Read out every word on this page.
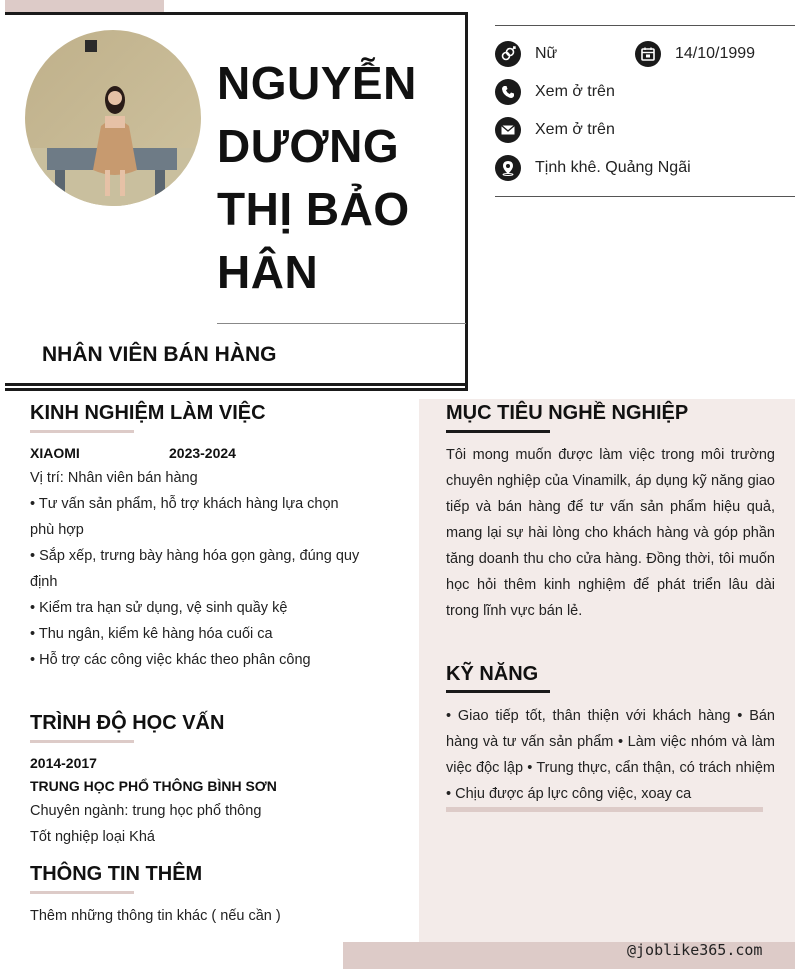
NGUYỄN
DƯƠNG
THỊ BẢO
HÂN
NHÂN VIÊN BÁN HÀNG
Nữ	14/10/1999
Xem ở trên
Xem ở trên
Tịnh khê. Quảng Ngãi
KINH NGHIỆM LÀM VIỆC
XIAOMI	2023-2024
Vị trí: Nhân viên bán hàng
• Tư vấn sản phẩm, hỗ trợ khách hàng lựa chọn phù hợp
• Sắp xếp, trưng bày hàng hóa gọn gàng, đúng quy định
• Kiểm tra hạn sử dụng, vệ sinh quầy kệ
• Thu ngân, kiểm kê hàng hóa cuối ca
• Hỗ trợ các công việc khác theo phân công
TRÌNH ĐỘ HỌC VẤN
2014-2017
TRUNG HỌC PHỔ THÔNG BÌNH SƠN
Chuyên ngành: trung học phổ thông
Tốt nghiệp loại Khá
THÔNG TIN THÊM
Thêm những thông tin khác ( nếu cần )
MỤC TIÊU NGHỀ NGHIỆP
Tôi mong muốn được làm việc trong môi trường chuyên nghiệp của Vinamilk, áp dụng kỹ năng giao tiếp và bán hàng để tư vấn sản phẩm hiệu quả, mang lại sự hài lòng cho khách hàng và góp phần tăng doanh thu cho cửa hàng. Đồng thời, tôi muốn học hỏi thêm kinh nghiệm để phát triển lâu dài trong lĩnh vực bán lẻ.
KỸ NĂNG
• Giao tiếp tốt, thân thiện với khách hàng • Bán hàng và tư vấn sản phẩm • Làm việc nhóm và làm việc độc lập • Trung thực, cẩn thận, có trách nhiệm • Chịu được áp lực công việc, xoay ca
@joblike365.com
